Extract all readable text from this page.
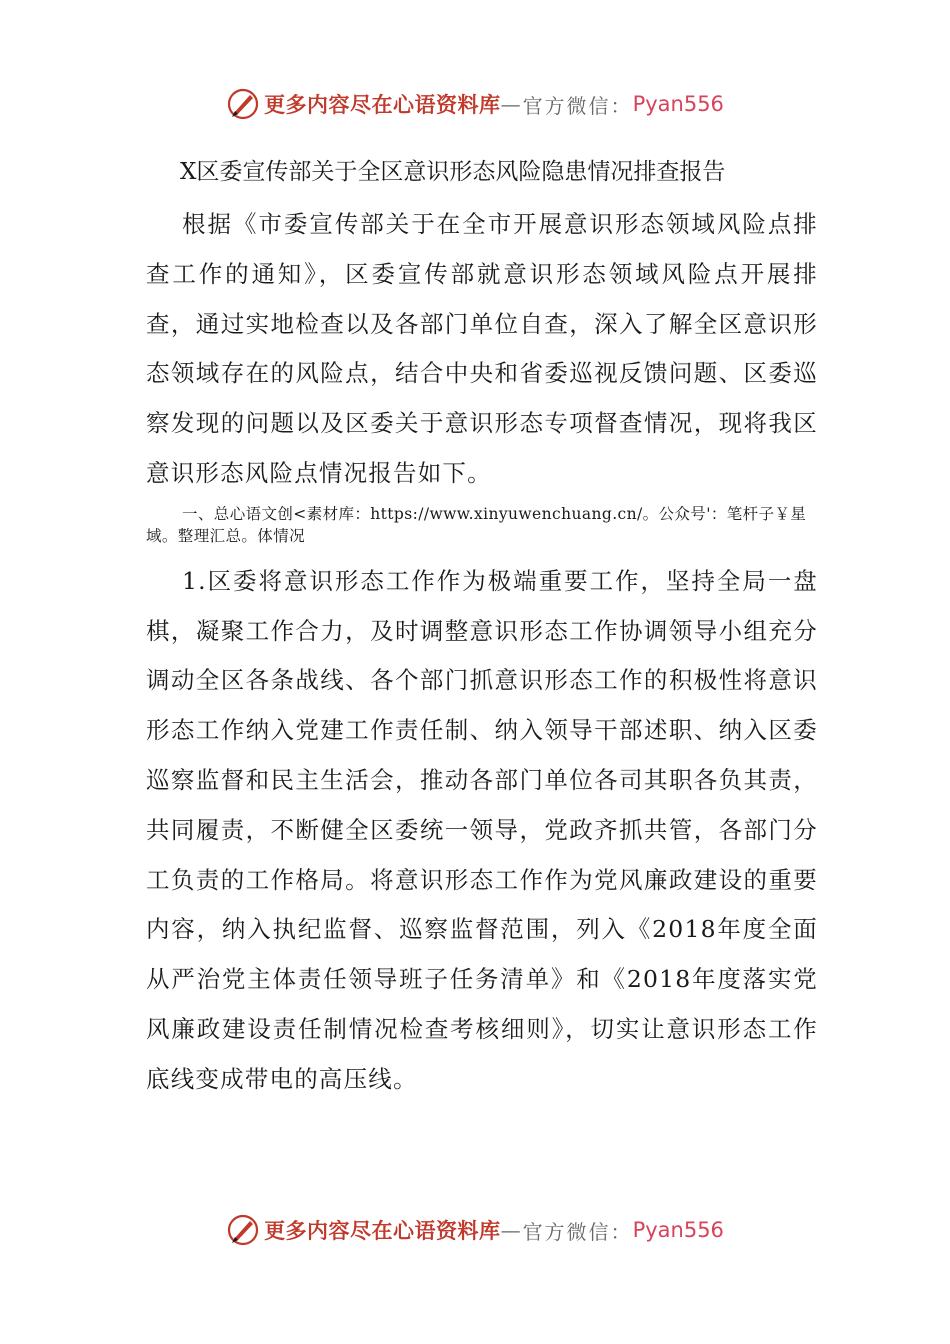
更多内容尽在心语资料库 — 官方微信： Pyan556
X区委宣传部关于全区意识形态风险隐患情况排查报告

根据《市委宣传部关于在全市开展意识形态领域风险点排查工作的通知》，区委宣传部就意识形态领域风险点开展排查，通过实地检查以及各部门单位自查，深入了解全区意识形态领域存在的风险点，结合中央和省委巡视反馈问题、区委巡察发现的问题以及区委关于意识形态专项督查情况，现将我区意识形态风险点情况报告如下。

一、总心语文创<素材库：https://www.xinyuwenchuang.cn/。公众号'：笔杆子￥星域。整理汇总。体情况

1.区委将意识形态工作作为极端重要工作，坚持全局一盘棋，凝聚工作合力，及时调整意识形态工作协调领导小组充分调动全区各条战线、各个部门抓意识形态工作的积极性将意识形态工作纳入党建工作责任制、纳入领导干部述职、纳入区委巡察监督和民主生活会，推动各部门单位各司其职各负其责，共同履责，不断健全区委统一领导，党政齐抓共管，各部门分工负责的工作格局。将意识形态工作作为党风廉政建设的重要内容，纳入执纪监督、巡察监督范围，列入《2018年度全面从严治党主体责任领导班子任务清单》和《2018年度落实党风廉政建设责任制情况检查考核细则》，切实让意识形态工作底线变成带电的高压线。

更多内容尽在心语资料库 — 官方微信： Pyan556
